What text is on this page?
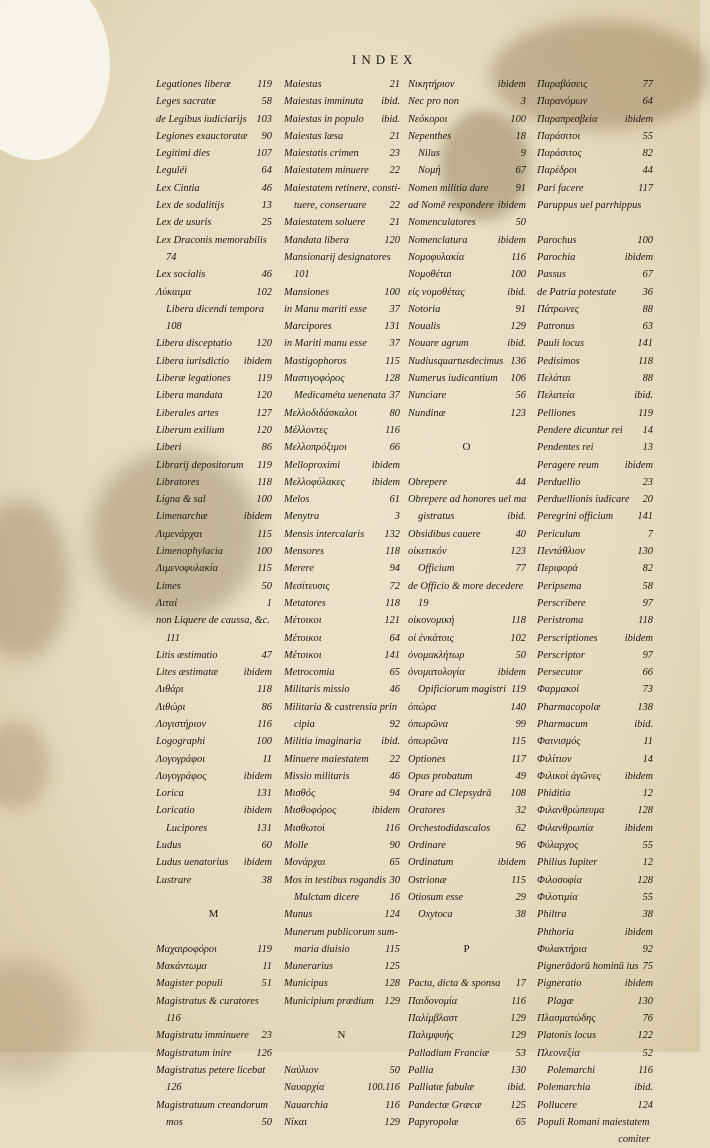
INDEX
Legationes liberæ	119
Leges sacratæ	58
de Legibus iudiciarijs 103
Legiones exauctoratæ 90
Legitimi dies	107
Leguléi	64
Lex Cintia	46
Lex de sodalitijs	13
Lex de usuris	25
Lex Draconis memorabilis
74
Lex socialis	46
Λύκαιμα	102
Libera dicendi tempora
108
Libera disceptatio 120
Libera iurisdictio ibidem
Liberæ legationes	119
Libera mandata	120
Liberales artes	127
Liberum exilium	120
Liberi	86
Librarij depositorum 119
Libratores	118
Ligna & sal	100
Limenarchæ	ibidem
Λιμενάρχαι	115
Limenophylacia	100
Λιμενοφυλακία	115
Limes	50
Λιταί	1
non Liquere de caussa, &c.
111
Litis æstimatio	47
Lites æstimatæ ibidem
Λιθάρι	118
Λιθώρι	86
Λογιστήριον	116
Logographi	100
Λογογράφοι	11
Λογογράφος	ibidem
Lorica	131
Loricatio	ibidem
Lucipores	131
Ludus	60
Ludus uenatorius ibidem
Lustrare	38
M
Μαχαιροφόροι	119
Μακάντωμα	11
Magister populi	51
Magistratus & curatores
116
Magistratu imminuere 23
Magistratum inire 126
Magistratus petere licebat
126
Magistratuum creandorum
mos	50
Maiestas	21
Maiestas imminuta ibid.
Maiestas in populo ibid.
Maiestas læsa	21
Maiestatis crimen	23
Maiestatem minuere 22
Maiestatem retinere, consti-
tuere, conseruare 22
Maiestatem soluere 21
Mandata libera	120
Mansionarij designatores
101
Mansiones	100
in Manu mariti esse 37
Marcipores	131
in Mariti manu esse 37
Mastigophoros	115
Μαστιγοφόρος	128
Medicaméta uenenata 37
Μελλοδιδάσκαλοι	80
Μέλλοντες	116
Μελλοπρόξιμοι	66
Melloproximi	ibidem
Μελλοφύλακες	ibidem
Melos	61
Menytra	3
Mensis intercalaris 132
Mensores	118
Merere	94
Μεσίτευσις	72
Metatores	118
Μέτοικοι	121
Μέτοικοι	64
Μέτοικοι	141
Metrocomia	65
Militaris missio	46
Militaria & castrensia prin
cipia	92
Militia imaginaria ibid.
Minuere maiestatem 22
Missio militaris	46
Μισθός	94
Μισθοφόρος	ibidem
Μισθωτοί	116
Molle	90
Μονάρχαι	65
Mos in testibus rogandis 30
Mulctam dicere	16
Munus	124
Munerum publicorum sum-
maria diuisio	115
Munerarius	125
Municipus	128
Municipium prædium 129
N
Ναύλιον	50
Ναυαρχία	100.116
Nauarchia	116
Νίκαι	129
Νικητήριον	ibidem
Nec pro non	3
Νεόκοροι	100
Nepenthes	18
Nilus	9
Νομή	67
Nomen militia dare	91
ad Nomē respondere ibidem
Nomenculatores	50
Nomenclatura	ibidem
Νομοφυλακία	116
Νομοθέται	100
εἰς νομοθέτας	ibid.
Notoria	91
Noualis	129
Nouare agrum	ibid.
Nudiusquartusdecimus 136
Numerus iudicantium 106
Nunciare	56
Nundinæ	123
O
Obrepere	44
Obrepere ad honores uel ma
gistratus	ibid.
Obsidibus cauere	40
οἰκετικόν	123
Officium	77
de Officio & more decedere
19
οἰκονομική	118
οἱ ἐνκάτοις	102
ὀνομακλήτωρ	50
ὀνοματολογία	ibidem
Opificiorum magistri 119
ὀπώρα	140
ὀπωρῶνα	99
ὀπωρῶνα	115
Optiones	117
Opus probatum	49
Orare ad Clepsydrā 108
Oratores	32
Orchestodidascalos 62
Ordinare	96
Ordinatum	ibidem
Ostrionæ	115
Otiosum esse	29
Oxytoca	38
P
Pacta, dicta & sponsa 17
Παιδονομία	116
Παλίμβλαστ	129
Παλιμφυής	129
Palladium Franciæ	53
Pallia	130
Palliatæ fabulæ	ibid.
Pandectæ Græcæ	125
Papyropolæ	65
Παραβάσεις	77
Παρανόμων	64
Παραπρεσβεία	ibidem
Παράσιτοι	55
Παράσιτος	82
Παρέδροι	44
Pari facere	117
Paruppus uel parrhippus
Parochus	100
Parochia	ibidem
Passus	67
de Patria potestate	36
Πάτρωνες	88
Patronus	63
Pauli locus	141
Pedisimos	118
Πελάται	88
Πελατεία	ibid.
Pelliones	119
Pendere dicuntur rei 14
Pendentes rei	13
Peragere reum ibidem
Perduellio	23
Perduellionis iudicare 20
Peregrini officium 141
Periculum	7
Πεντάθλιον	130
Περιφορά	82
Peripsema	58
Perscribere	97
Peristroma	118
Perscriptiones	ibidem
Perscriptor	97
Persecutor	66
Φαρμακοί	73
Pharmacopolæ	138
Pharmacum	ibid.
Φαινισμός	11
Φιλίτιον	14
Φιλικοὶ ἀγῶνες ibidem
Phiditia	12
Φιλανθρώπευμα	128
Φιλανθρωπία	ibidem
Φύλαρχος	55
Philius Iupiter	12
Φιλοσοφία	128
Φιλοτιμία	55
Philtra	38
Phthoria	ibidem
Φυλακτήρια	92
Pignerādorū hominū ius 75
Pigneratio	ibidem
Plagæ	130
Πλασματώδης	76
Platonis locus	122
Πλεονεξία	52
Polemarchi	116
Polemarchia	ibid.
Pollucere	124
Populi Romani maiestatem
comiter
